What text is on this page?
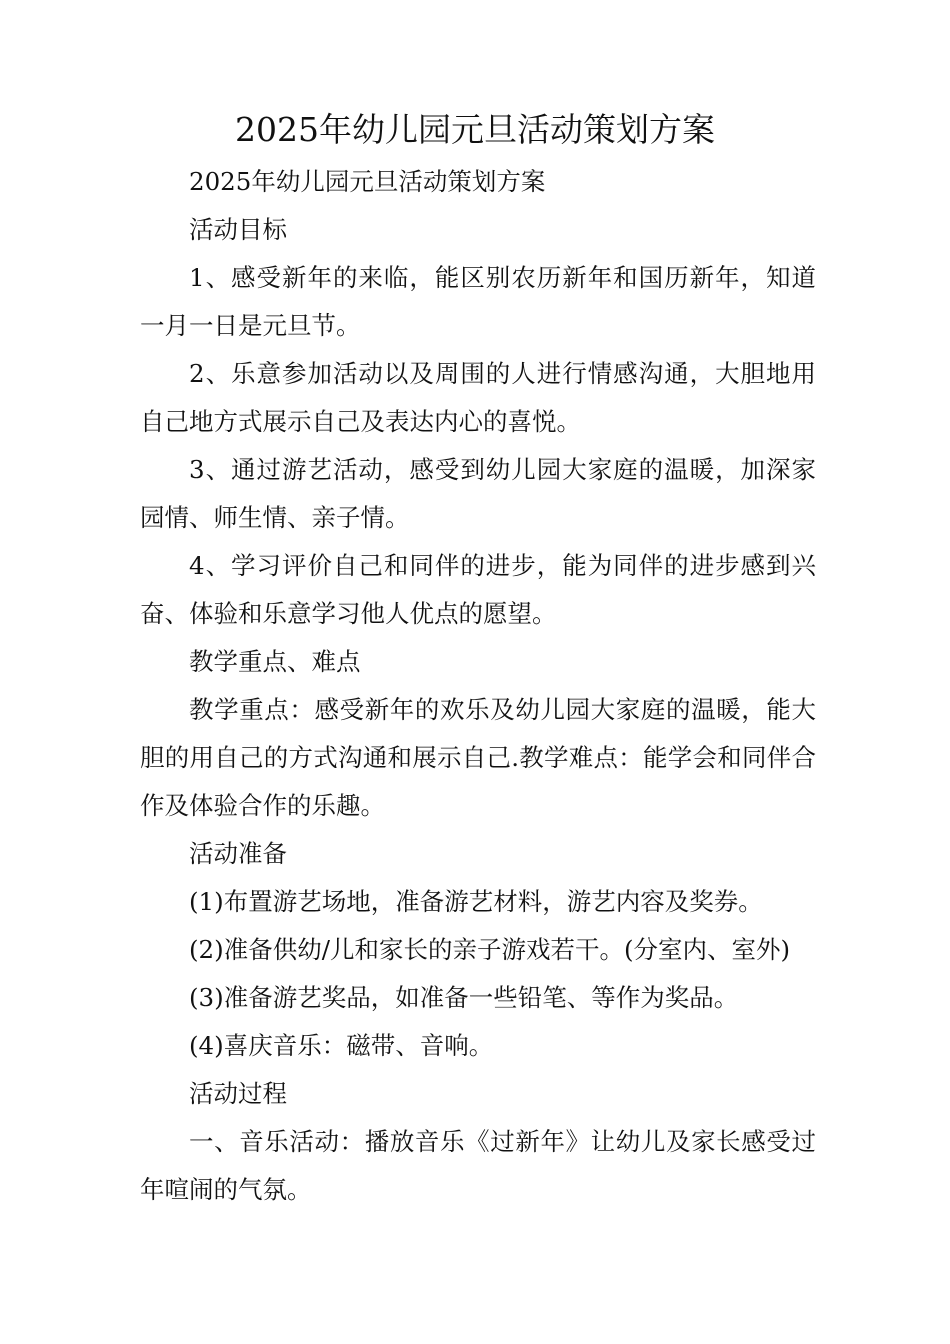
2025年幼儿园元旦活动策划方案

2025年幼儿园元旦活动策划方案

活动目标

1、感受新年的来临，能区别农历新年和国历新年，知道一月一日是元旦节。

2、乐意参加活动以及周围的人进行情感沟通，大胆地用自己地方式展示自己及表达内心的喜悦。

3、通过游艺活动，感受到幼儿园大家庭的温暖，加深家园情、师生情、亲子情。

4、学习评价自己和同伴的进步，能为同伴的进步感到兴奋、体验和乐意学习他人优点的愿望。

教学重点、难点

教学重点：感受新年的欢乐及幼儿园大家庭的温暖，能大胆的用自己的方式沟通和展示自己.教学难点：能学会和同伴合作及体验合作的乐趣。

活动准备

(1)布置游艺场地，准备游艺材料，游艺内容及奖券。

(2)准备供幼/儿和家长的亲子游戏若干。(分室内、室外)

(3)准备游艺奖品，如准备一些铅笔、等作为奖品。

(4)喜庆音乐：磁带、音响。

活动过程

一、音乐活动：播放音乐《过新年》让幼儿及家长感受过年喧闹的气氛。
